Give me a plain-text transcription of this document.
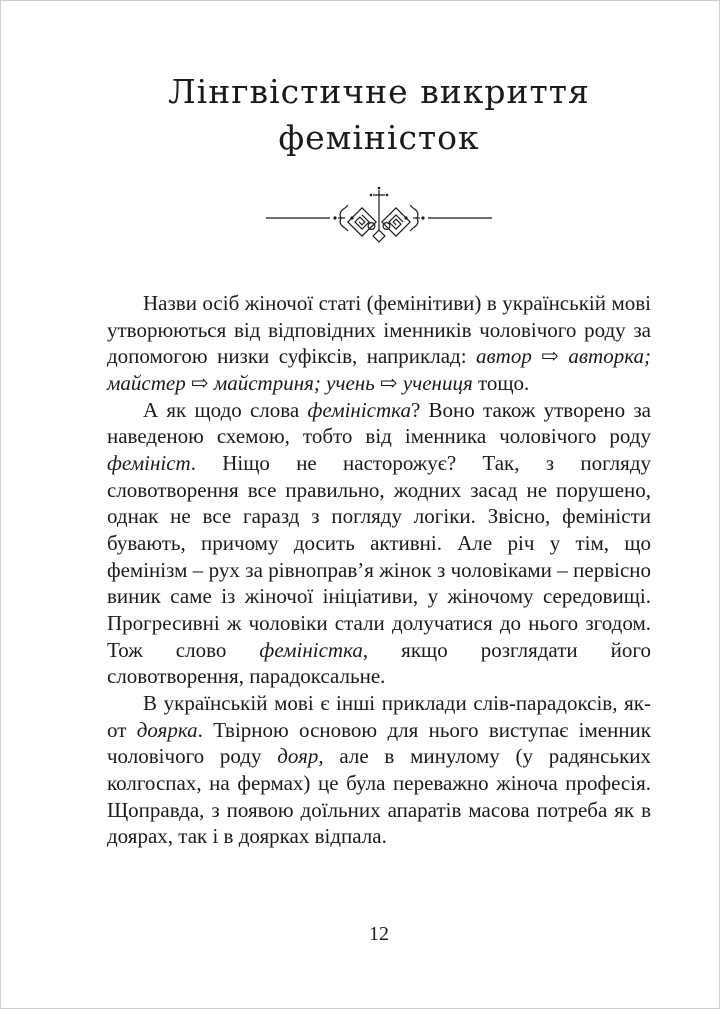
Лінгвістичне викриття
феміністок

Назви осіб жіночої статі (фемінітиви) в українській мові утворюються від відповідних іменників чоловічого роду за допомогою низки суфіксів, наприклад: автор ⇨ авторка; майстер ⇨ майстриня; учень ⇨ учениця тощо.

А як щодо слова феміністка? Воно також утворено за наведеною схемою, тобто від іменника чоловічого роду фемініст. Ніщо не насторожує? Так, з погляду словотворення все правильно, жодних засад не порушено, однак не все гаразд з погляду логіки. Звісно, феміністи бувають, причому досить активні. Але річ у тім, що фемінізм – рух за рівноправ’я жінок з чоловіками – первісно виник саме із жіночої ініціативи, у жіночому середовищі. Прогресивні ж чоловіки стали долучатися до нього згодом. Тож слово феміністка, якщо розглядати його словотворення, парадоксальне.

В українській мові є інші приклади слів-парадоксів, як-от доярка. Твірною основою для нього виступає іменник чоловічого роду дояр, але в минулому (у радянських колгоспах, на фермах) це була переважно жіноча професія. Щоправда, з появою доїльних апаратів масова потреба як в доярах, так і в доярках відпала.

12
